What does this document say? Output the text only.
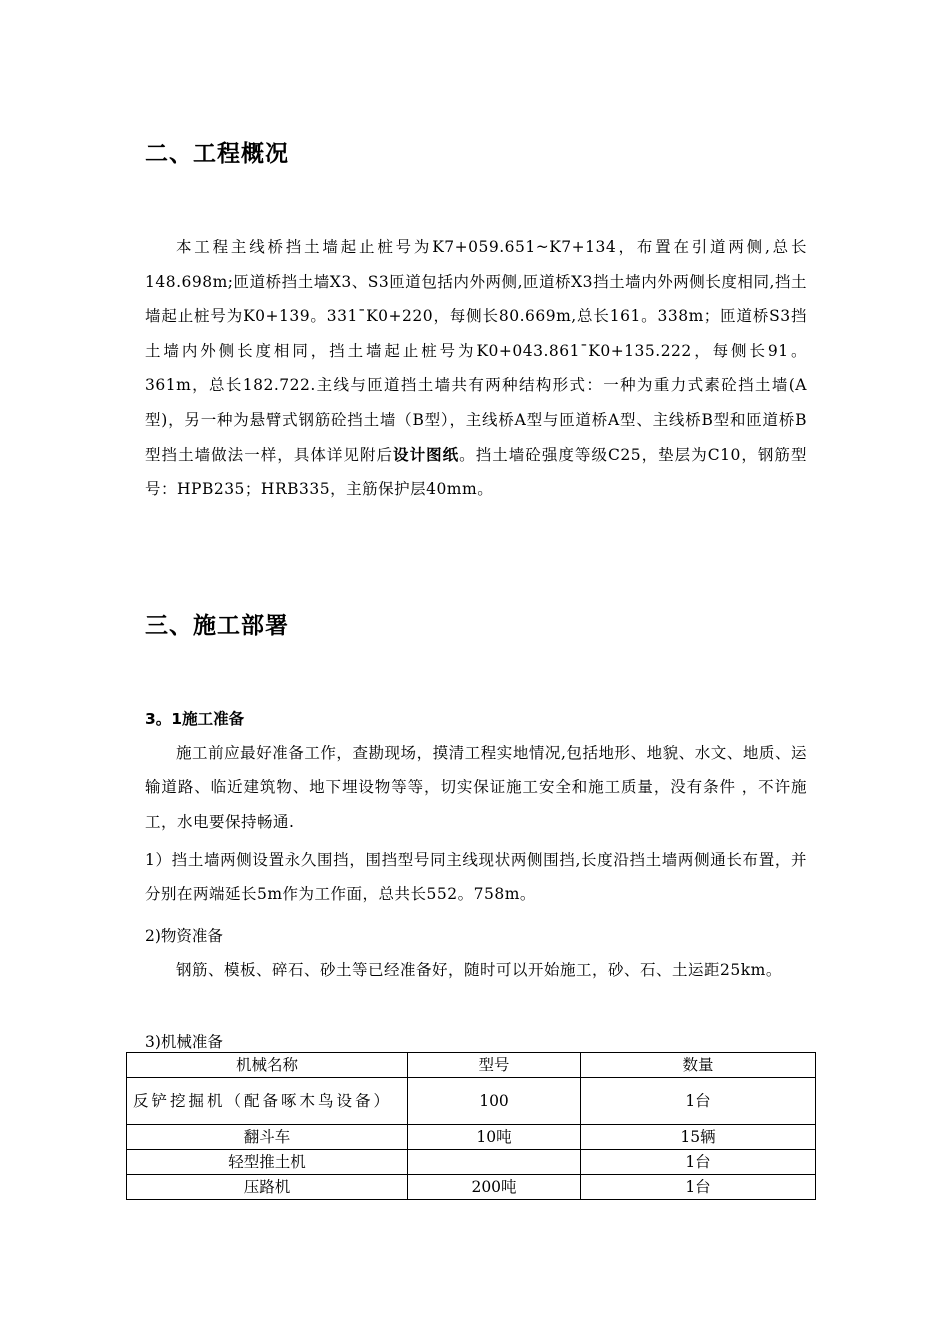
二、工程概况
本工程主线桥挡土墙起止桩号为K7+059.651~K7+134，布置在引道两侧,总长148.698m;匝道桥挡土墙X3、S3匝道包括内外两侧,匝道桥X3挡土墙内外两侧长度相同,挡土墙起止桩号为K0+139。331¯K0+220，每侧长80.669m,总长161。338m；匝道桥S3挡土墙内外侧长度相同，挡土墙起止桩号为K0+043.861¯K0+135.222，每侧长91。361m，总长182.722.主线与匝道挡土墙共有两种结构形式：一种为重力式素砼挡土墙(A型)，另一种为悬臂式钢筋砼挡土墙（B型），主线桥A型与匝道桥A型、主线桥B型和匝道桥B型挡土墙做法一样，具体详见附后设计图纸。挡土墙砼强度等级C25，垫层为C10，钢筋型号：HPB235；HRB335，主筋保护层40mm。
三、施工部署
3。1施工准备
施工前应最好准备工作，查勘现场，摸清工程实地情况,包括地形、地貌、水文、地质、运输道路、临近建筑物、地下埋设物等等，切实保证施工安全和施工质量，没有条件 ，不许施工，水电要保持畅通.
1）挡土墙两侧设置永久围挡，围挡型号同主线现状两侧围挡,长度沿挡土墙两侧通长布置，并分别在两端延长5m作为工作面，总共长552。758m。
2)物资准备
钢筋、模板、碎石、砂土等已经准备好，随时可以开始施工，砂、石、土运距25km。
3)机械准备
机械名称	型号	数量
反铲挖掘机（配备啄木鸟设备）	100	1台
翻斗车	10吨	15辆
轻型推土机		1台
压路机	200吨	1台
